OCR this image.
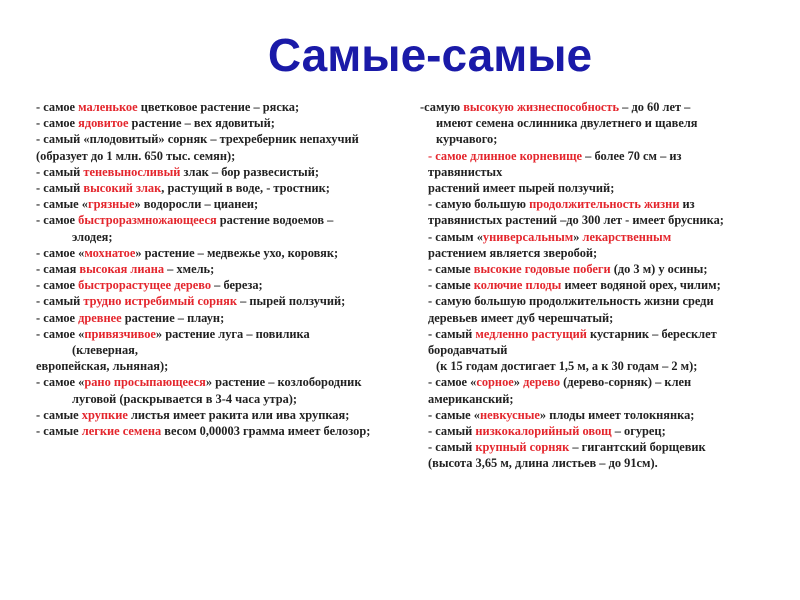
Самые-самые
- самое маленькое цветковое растение – ряска;
- самое ядовитое растение – вех ядовитый;
- самый «плодовитый» сорняк – трехреберник непахучий
(образует до 1 млн. 650 тыс. семян);
- самый теневыносливый злак – бор развесистый;
- самый высокий злак, растущий в воде, - тростник;
- самые «грязные» водоросли – цианеи;
- самое быстроразмножающееся растение водоемов –
элодея;
- самое «мохнатое» растение – медвежье ухо, коровяк;
- самая высокая лиана – хмель;
- самое быстрорастущее дерево – береза;
- самый трудно истребимый сорняк – пырей ползучий;
- самое древнее растение – плаун;
- самое «привязчивое» растение луга – повилика
(клеверная,
европейская, льняная);
- самое «рано просыпающееся» растение – козлобородник
луговой (раскрывается в 3-4 часа утра);
- самые хрупкие листья имеет ракита или ива хрупкая;
- самые легкие семена весом 0,00003 грамма имеет белозор;
-самую высокую жизнеспособность – до 60 лет –
имеют семена ослинника двулетнего и щавеля
курчавого;
- самое длинное корневище – более 70 см – из
травянистых
растений имеет пырей ползучий;
- самую большую продолжительность жизни из
травянистых растений –до 300 лет - имеет брусника;
- самым «универсальным» лекарственным
растением является зверобой;
- самые высокие годовые побеги (до 3 м) у осины;
- самые колючие плоды имеет водяной орех, чилим;
- самую большую продолжительность жизни среди
деревьев имеет дуб черешчатый;
- самый медленно растущий кустарник – бересклет
бородавчатый
(к 15 годам достигает 1,5 м, а к 30 годам – 2 м);
- самое «сорное» дерево (дерево-сорняк) – клен
американский;
- самые «невкусные» плоды имеет толокнянка;
- самый низкокалорийный овощ – огурец;
- самый крупный сорняк – гигантский борщевик
(высота 3,65 м, длина листьев – до 91см).
